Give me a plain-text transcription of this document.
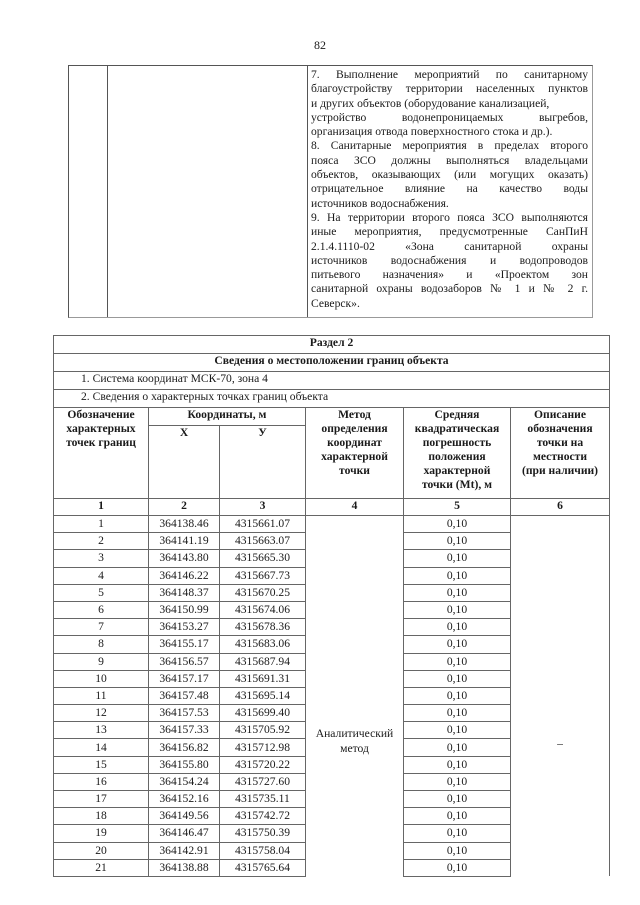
82

7. Выполнение мероприятий по санитарному
благоустройству территории населенных пунктов
и других объектов (оборудование канализацией,
устройство водонепроницаемых выгребов,
организация отвода поверхностного стока и др.).

8. Санитарные мероприятия в пределах второго
пояса ЗСО должны выполняться владельцами
объектов, оказывающих (или могущих оказать)
отрицательное влияние на качество воды
источников водоснабжения.

9. На территории второго пояса ЗСО выполняются
иные мероприятия, предусмотренные СанПиН
2.1.4.1110-02 «Зона санитарной охраны
источников водоснабжения и водопроводов
питьевого назначения» и «Проектом зон
санитарной охраны водозаборов № 1 и № 2 г.
Северск».

Раздел 2					
Сведения о местоположении границ объекта					
1. Система координат МСК-70, зона 4					
2. Сведения о характерных точках границ объекта					

Обозначение
характерных
точек границ
	Координаты, м	Метод
определения
координат
характерной
точки

Средняя
квадратическая
погрешность
положения
характерной
точки (Mt), м

Описание
обозначения
точки на
местности
(при наличии)

	Х	У			
1	2	3	4	5	6
1	364138.46	4315661.07	Аналитический метод	0,10	–
2	364141.19	4315663.07		0,10	
3	364143.80	4315665.30		0,10	
4	364146.22	4315667.73		0,10	
5	364148.37	4315670.25		0,10	
6	364150.99	4315674.06		0,10	
7	364153.27	4315678.36		0,10	
8	364155.17	4315683.06		0,10	
9	364156.57	4315687.94		0,10	
10	364157.17	4315691.31		0,10	
11	364157.48	4315695.14		0,10	
12	364157.53	4315699.40		0,10	
13	364157.33	4315705.92		0,10	
14	364156.82	4315712.98		0,10	
15	364155.80	4315720.22		0,10	
16	364154.24	4315727.60		0,10	
17	364152.16	4315735.11		0,10	
18	364149.56	4315742.72		0,10	
19	364146.47	4315750.39		0,10	
20	364142.91	4315758.04		0,10	
21	364138.88	4315765.64		0,10	
